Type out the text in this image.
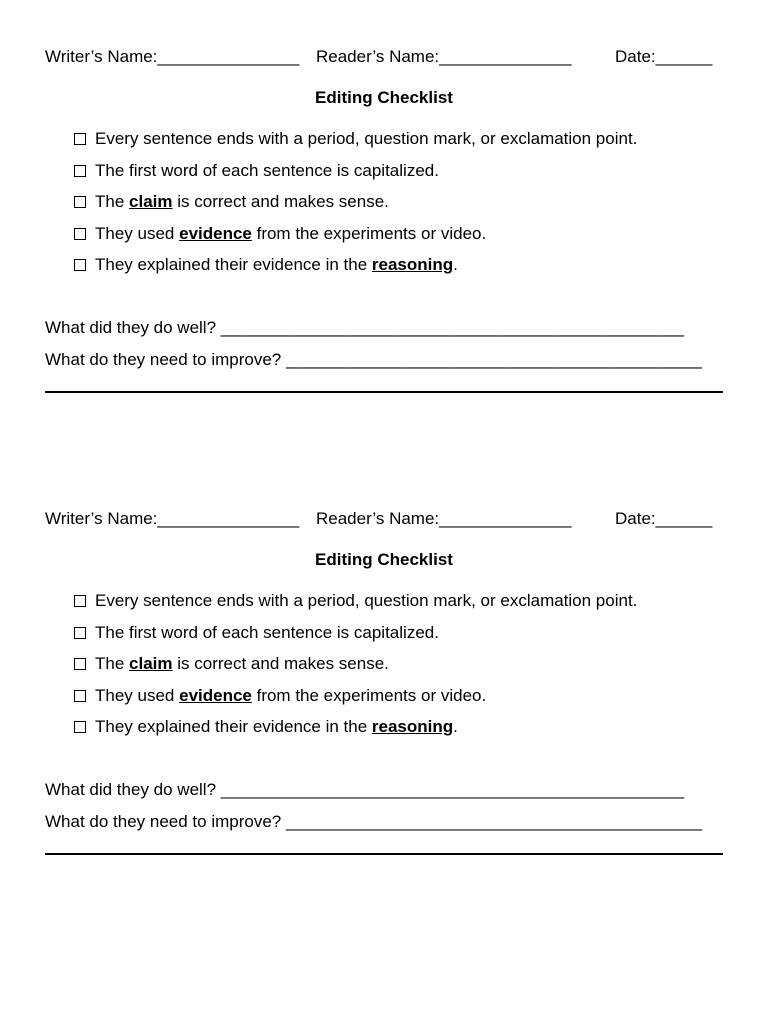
Writer’s Name:_______________

Reader’s Name:______________

	Date:______

Editing Checklist
Every sentence ends with a period, question mark, or exclamation point.
The first word of each sentence is capitalized.
The claim is correct and makes sense.
They used evidence from the experiments or video.
They explained their evidence in the reasoning .
What did they do well? _________________________________________________
What do they need to improve? ____________________________________________

Writer’s Name:_______________

Reader’s Name:______________

	Date:______

Editing Checklist
Every sentence ends with a period, question mark, or exclamation point.
The first word of each sentence is capitalized.
The claim is correct and makes sense.
They used evidence from the experiments or video.
They explained their evidence in the reasoning .
What did they do well? _________________________________________________
What do they need to improve? ____________________________________________
